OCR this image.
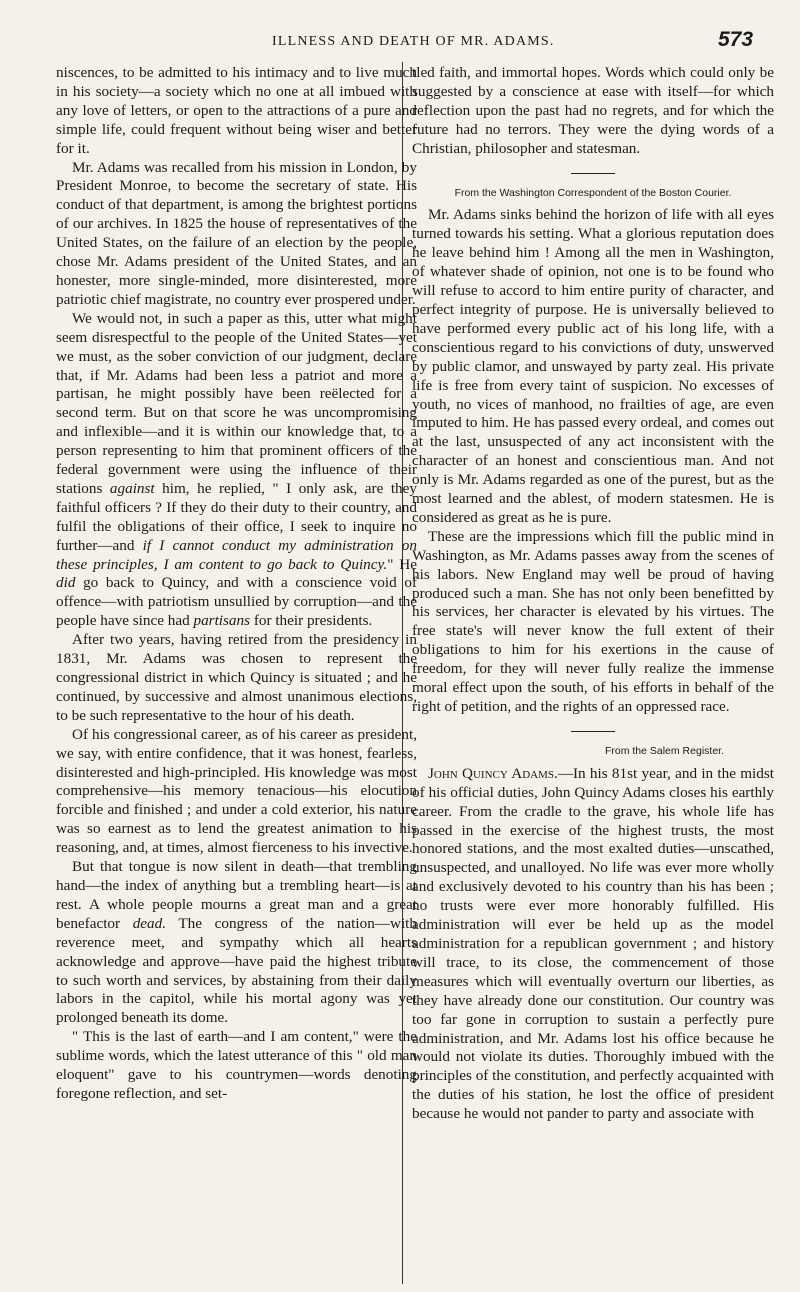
ILLNESS AND DEATH OF MR. ADAMS.	573

niscences, to be admitted to his intimacy and to live much in his society—a society which no one at all imbued with any love of letters, or open to the attractions of a pure and simple life, could frequent without being wiser and better for it.

Mr. Adams was recalled from his mission in London, by President Monroe, to become the secretary of state. His conduct of that department, is among the brightest portions of our archives. In 1825 the house of representatives of the United States, on the failure of an election by the people, chose Mr. Adams president of the United States, and an honester, more single-minded, more disinterested, more patriotic chief magistrate, no country ever prospered under.

We would not, in such a paper as this, utter what might seem disrespectful to the people of the United States—yet we must, as the sober conviction of our judgment, declare that, if Mr. Adams had been less a patriot and more a partisan, he might possibly have been reëlected for a second term. But on that score he was uncompromising and inflexible—and it is within our knowledge that, to a person representing to him that prominent officers of the federal government were using the influence of their stations against him, he replied, " I only ask, are they faithful officers ? If they do their duty to their country, and fulfil the obligations of their office, I seek to inquire no further—and if I cannot conduct my administration on these principles, I am content to go back to Quincy." He did go back to Quincy, and with a conscience void of offence—with patriotism unsullied by corruption—and the people have since had partisans for their presidents.

After two years, having retired from the presidency in 1831, Mr. Adams was chosen to represent the congressional district in which Quincy is situated ; and he continued, by successive and almost unanimous elections, to be such representative to the hour of his death.

Of his congressional career, as of his career as president, we say, with entire confidence, that it was honest, fearless, disinterested and high-principled. His knowledge was most comprehensive—his memory tenacious—his elocution forcible and finished ; and under a cold exterior, his nature was so earnest as to lend the greatest animation to his reasoning, and, at times, almost fierceness to his invective.

But that tongue is now silent in death—that trembling hand—the index of anything but a trembling heart—is at rest. A whole people mourns a great man and a great benefactor dead. The congress of the nation—with reverence meet, and sympathy which all hearts acknowledge and approve—have paid the highest tribute to such worth and services, by abstaining from their daily labors in the capitol, while his mortal agony was yet prolonged beneath its dome.

" This is the last of earth—and I am content," were the sublime words, which the latest utterance of this " old man eloquent" gave to his countrymen—words denoting foregone reflection, and set-

tled faith, and immortal hopes. Words which could only be suggested by a conscience at ease with itself—for which reflection upon the past had no regrets, and for which the future had no terrors. They were the dying words of a Christian, philosopher and statesman.

From the Washington Correspondent of the Boston Courier.

Mr. Adams sinks behind the horizon of life with all eyes turned towards his setting. What a glorious reputation does he leave behind him ! Among all the men in Washington, of whatever shade of opinion, not one is to be found who will refuse to accord to him entire purity of character, and perfect integrity of purpose. He is universally believed to have performed every public act of his long life, with a conscientious regard to his convictions of duty, unswerved by public clamor, and unswayed by party zeal. His private life is free from every taint of suspicion. No excesses of youth, no vices of manhood, no frailties of age, are even imputed to him. He has passed every ordeal, and comes out at the last, unsuspected of any act inconsistent with the character of an honest and conscientious man. And not only is Mr. Adams regarded as one of the purest, but as the most learned and the ablest, of modern statesmen. He is considered as great as he is pure.

These are the impressions which fill the public mind in Washington, as Mr. Adams passes away from the scenes of his labors. New England may well be proud of having produced such a man. She has not only been benefitted by his services, her character is elevated by his virtues. The free state's will never know the full extent of their obligations to him for his exertions in the cause of freedom, for they will never fully realize the immense moral effect upon the south, of his efforts in behalf of the right of petition, and the rights of an oppressed race.

From the Salem Register.

John Quincy Adams.—In his 81st year, and in the midst of his official duties, John Quincy Adams closes his earthly career. From the cradle to the grave, his whole life has passed in the exercise of the highest trusts, the most honored stations, and the most exalted duties—unscathed, unsuspected, and unalloyed. No life was ever more wholly and exclusively devoted to his country than his has been ; no trusts were ever more honorably fulfilled. His administration will ever be held up as the model administration for a republican government ; and history will trace, to its close, the commencement of those measures which will eventually overturn our liberties, as they have already done our constitution. Our country was too far gone in corruption to sustain a perfectly pure administration, and Mr. Adams lost his office because he would not violate its duties. Thoroughly imbued with the principles of the constitution, and perfectly acquainted with the duties of his station, he lost the office of president because he would not pander to party and associate with
